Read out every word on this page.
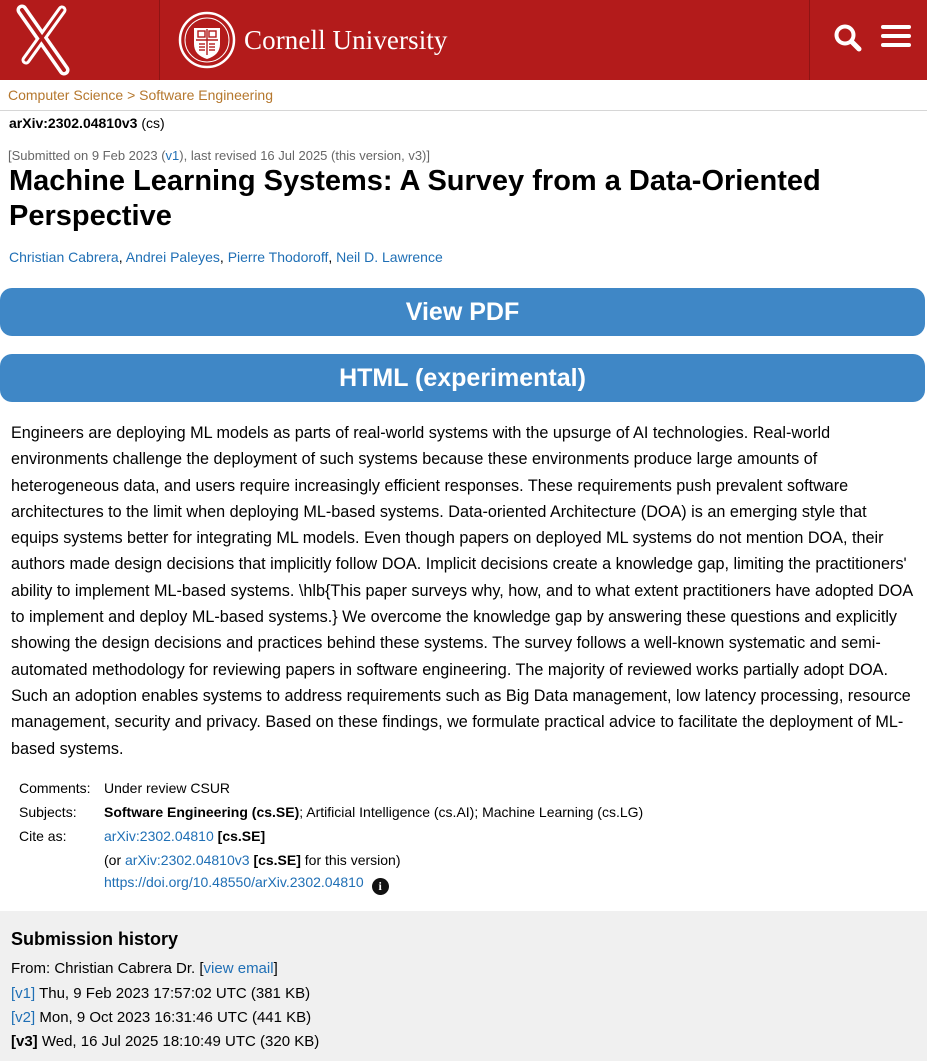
Cornell University
Computer Science > Software Engineering
arXiv:2302.04810v3 (cs)
[Submitted on 9 Feb 2023 (v1), last revised 16 Jul 2025 (this version, v3)]
Machine Learning Systems: A Survey from a Data-Oriented Perspective
Christian Cabrera, Andrei Paleyes, Pierre Thodoroff, Neil D. Lawrence
View PDF
HTML (experimental)

Engineers are deploying ML models as parts of real-world systems with the upsurge of AI technologies. Real-world environments challenge the deployment of such systems because these environments produce large amounts of heterogeneous data, and users require increasingly efficient responses. These requirements push prevalent software architectures to the limit when deploying ML-based systems. Data-oriented Architecture (DOA) is an emerging style that equips systems better for integrating ML models. Even though papers on deployed ML systems do not mention DOA, their authors made design decisions that implicitly follow DOA. Implicit decisions create a knowledge gap, limiting the practitioners' ability to implement ML-based systems. \hlb{This paper surveys why, how, and to what extent practitioners have adopted DOA to implement and deploy ML-based systems.} We overcome the knowledge gap by answering these questions and explicitly showing the design decisions and practices behind these systems. The survey follows a well-known systematic and semi-automated methodology for reviewing papers in software engineering. The majority of reviewed works partially adopt DOA. Such an adoption enables systems to address requirements such as Big Data management, low latency processing, resource management, security and privacy. Based on these findings, we formulate practical advice to facilitate the deployment of ML-based systems.

Comments: Under review CSUR
Subjects:	Software Engineering (cs.SE); Artificial Intelligence (cs.AI); Machine Learning (cs.LG)
Cite as:	arXiv:2302.04810 [cs.SE]
(or arXiv:2302.04810v3 [cs.SE] for this version)
https://doi.org/10.48550/arXiv.2302.04810 i
Submission history
From: Christian Cabrera Dr. [view email]
[v1] Thu, 9 Feb 2023 17:57:02 UTC (381 KB)
[v2] Mon, 9 Oct 2023 16:31:46 UTC (441 KB)
[v3] Wed, 16 Jul 2025 18:10:49 UTC (320 KB)
